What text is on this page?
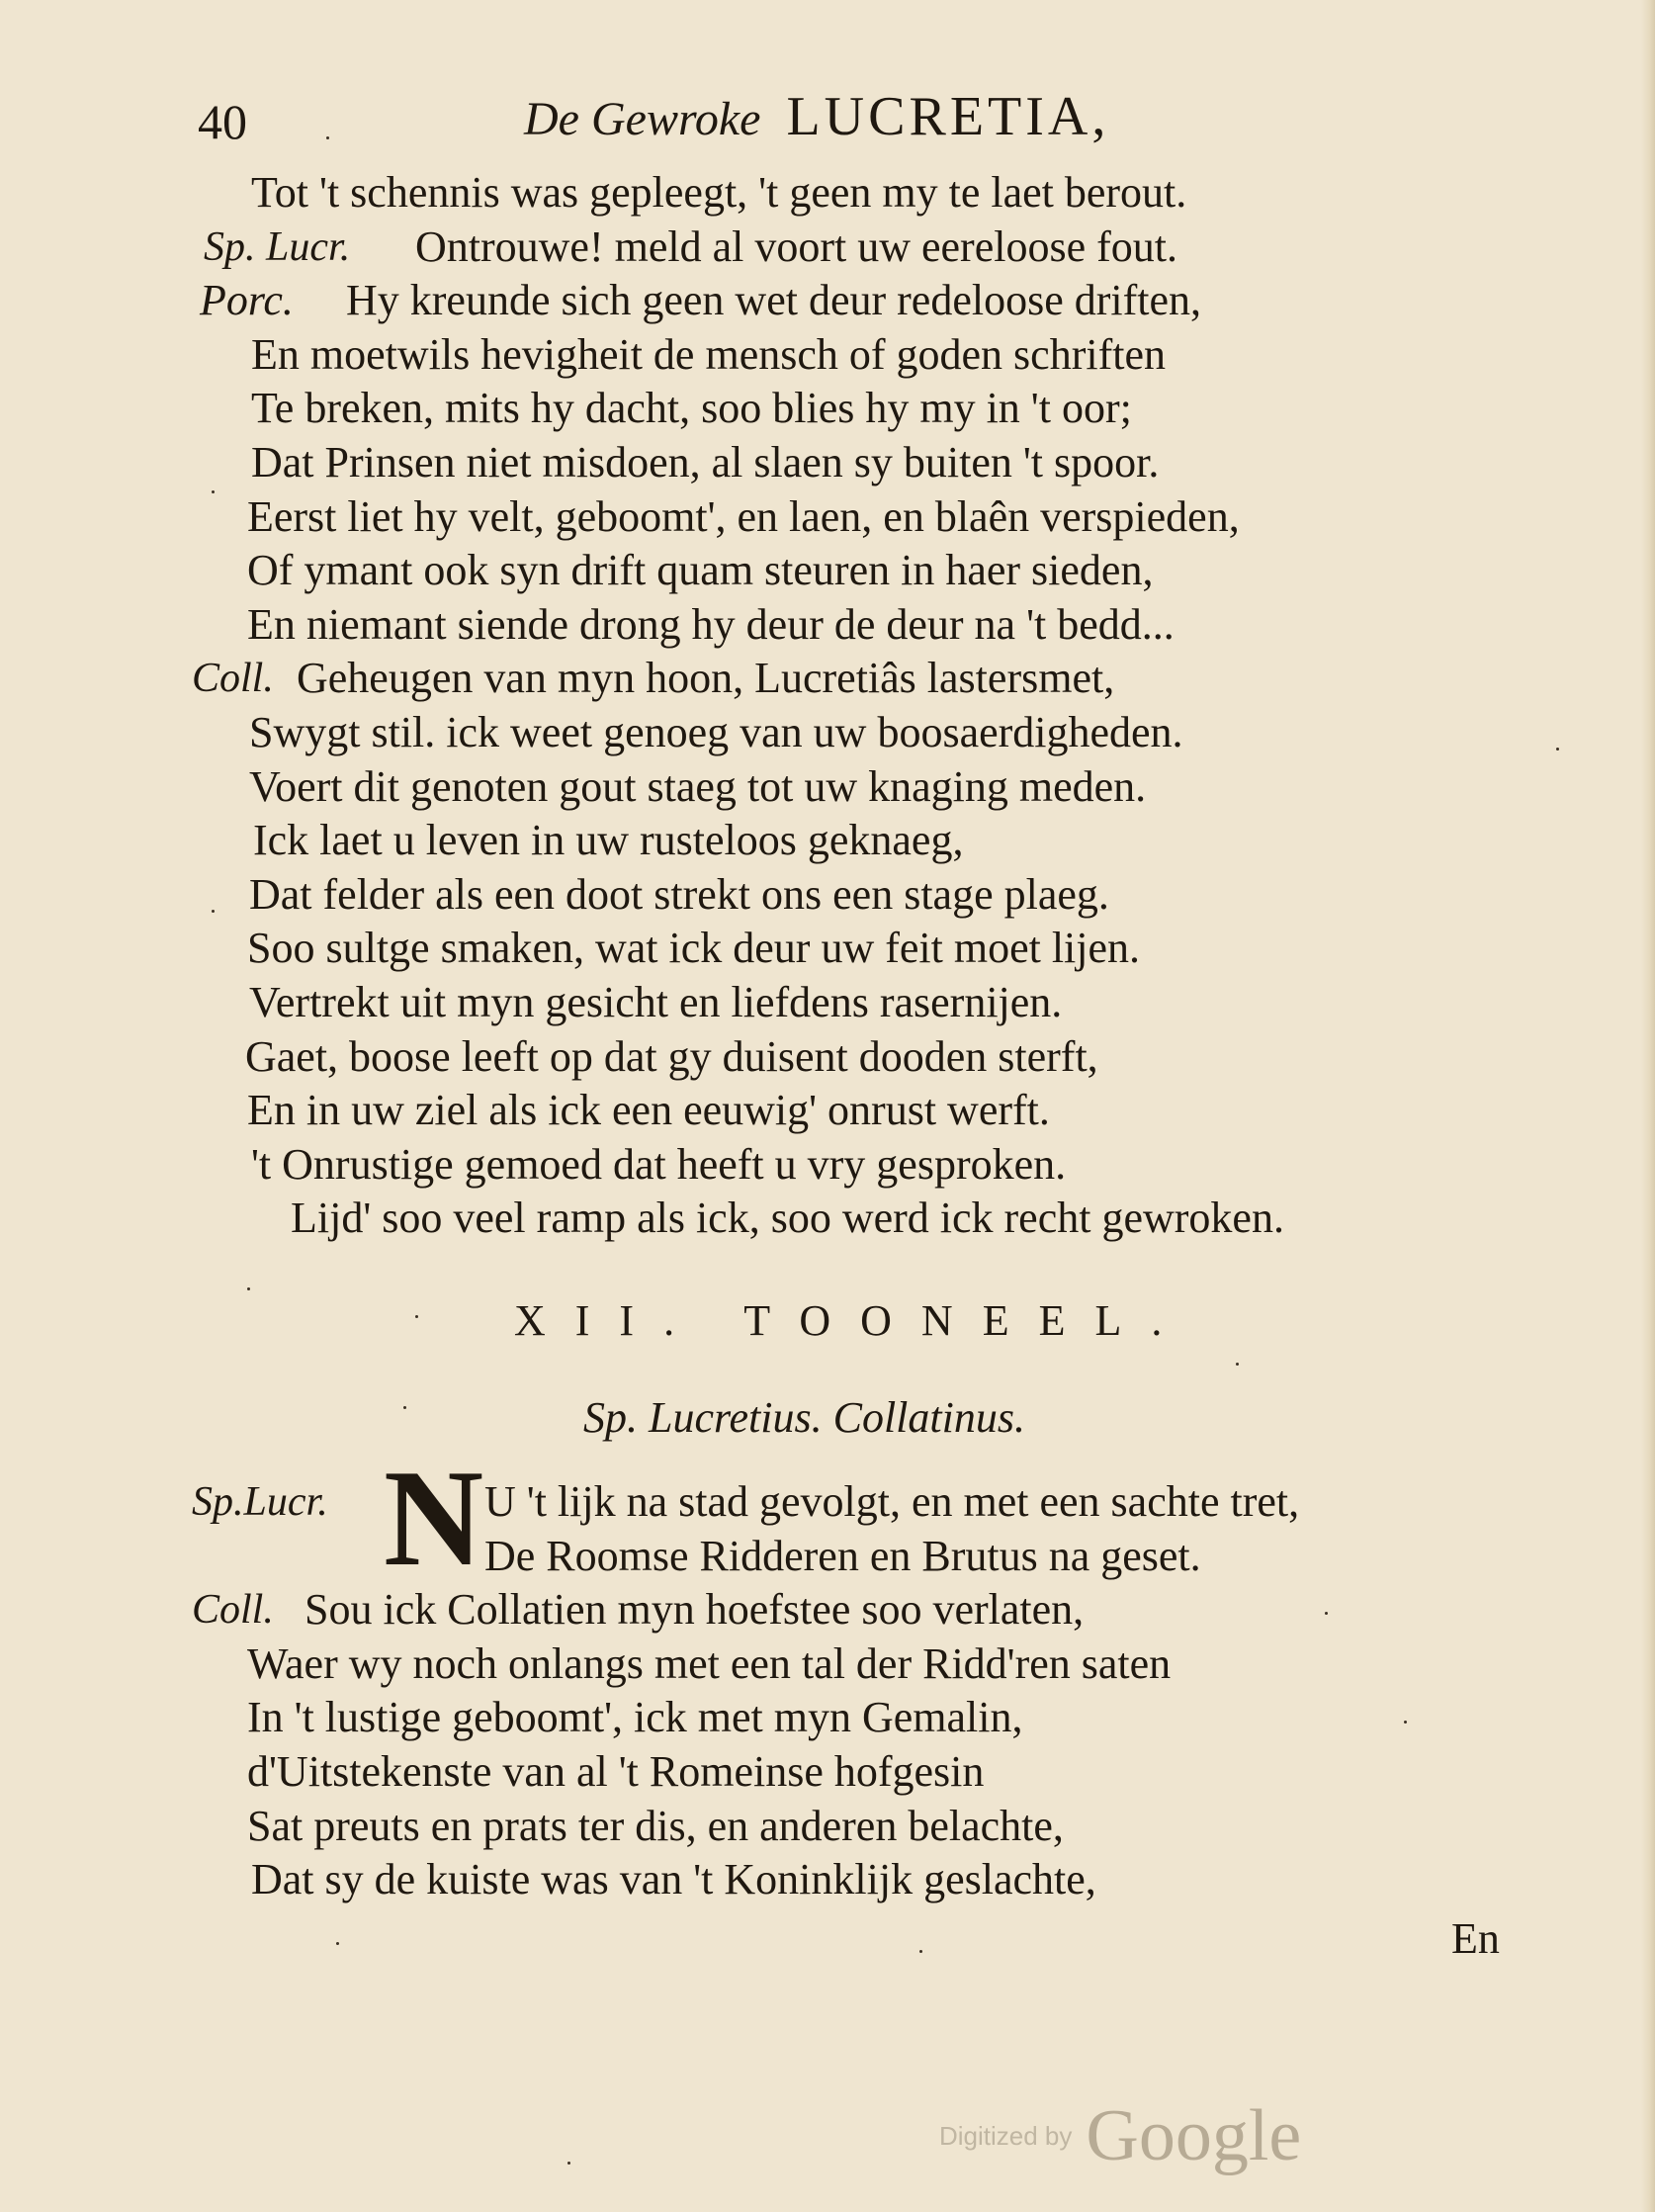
40	De Gewroke LUCRETIA,
Tot 't schennis was gepleegt, 't geen my te laet berout.
Sp. Lucr. Ontrouwe! meld al voort uw eereloose fout.
Porc. Hy kreunde sich geen wet deur redeloose driften,
En moetwils hevigheit de mensch of goden schriften
Te breken, mits hy dacht, soo blies hy my in 't oor;
Dat Prinsen niet misdoen, al slaen sy buiten 't spoor.
Eerst liet hy velt, geboomt', en laen, en blaên verspieden,
Of ymant ook syn drift quam steuren in haer sieden,
En niemant siende drong hy deur de deur na 't bedd...
Coll. Geheugen van myn hoon, Lucretiâs lastersmet,
Swygt stil. ick weet genoeg van uw boosaerdigheden.
Voert dit genoten gout staeg tot uw knaging meden.
Ick laet u leven in uw rusteloos geknaeg,
Dat felder als een doot strekt ons een stage plaeg.
Soo sultge smaken, wat ick deur uw feit moet lijen.
Vertrekt uit myn gesicht en liefdens rasernijen.
Gaet, boose leeft op dat gy duisent dooden sterft,
En in uw ziel als ick een eeuwig' onrust werft.
't Onrustige gemoed dat heeft u vry gesproken.
Lijd' soo veel ramp als ick, soo werd ick recht gewroken.
XII. TOONEEL.
Sp. Lucretius. Collatinus.
N
Sp.Lucr.	U 't lijk na stad gevolgt, en met een sachte tret,
De Roomse Ridderen en Brutus na geset.
Coll. Sou ick Collatien myn hoefstee soo verlaten,
Waer wy noch onlangs met een tal der Ridd'ren saten
In 't lustige geboomt', ick met myn Gemalin,
d'Uitstekenste van al 't Romeinse hofgesin
Sat preuts en prats ter dis, en anderen belachte,
Dat sy de kuiste was van 't Koninklijk geslachte,
En
Digitized by Google
